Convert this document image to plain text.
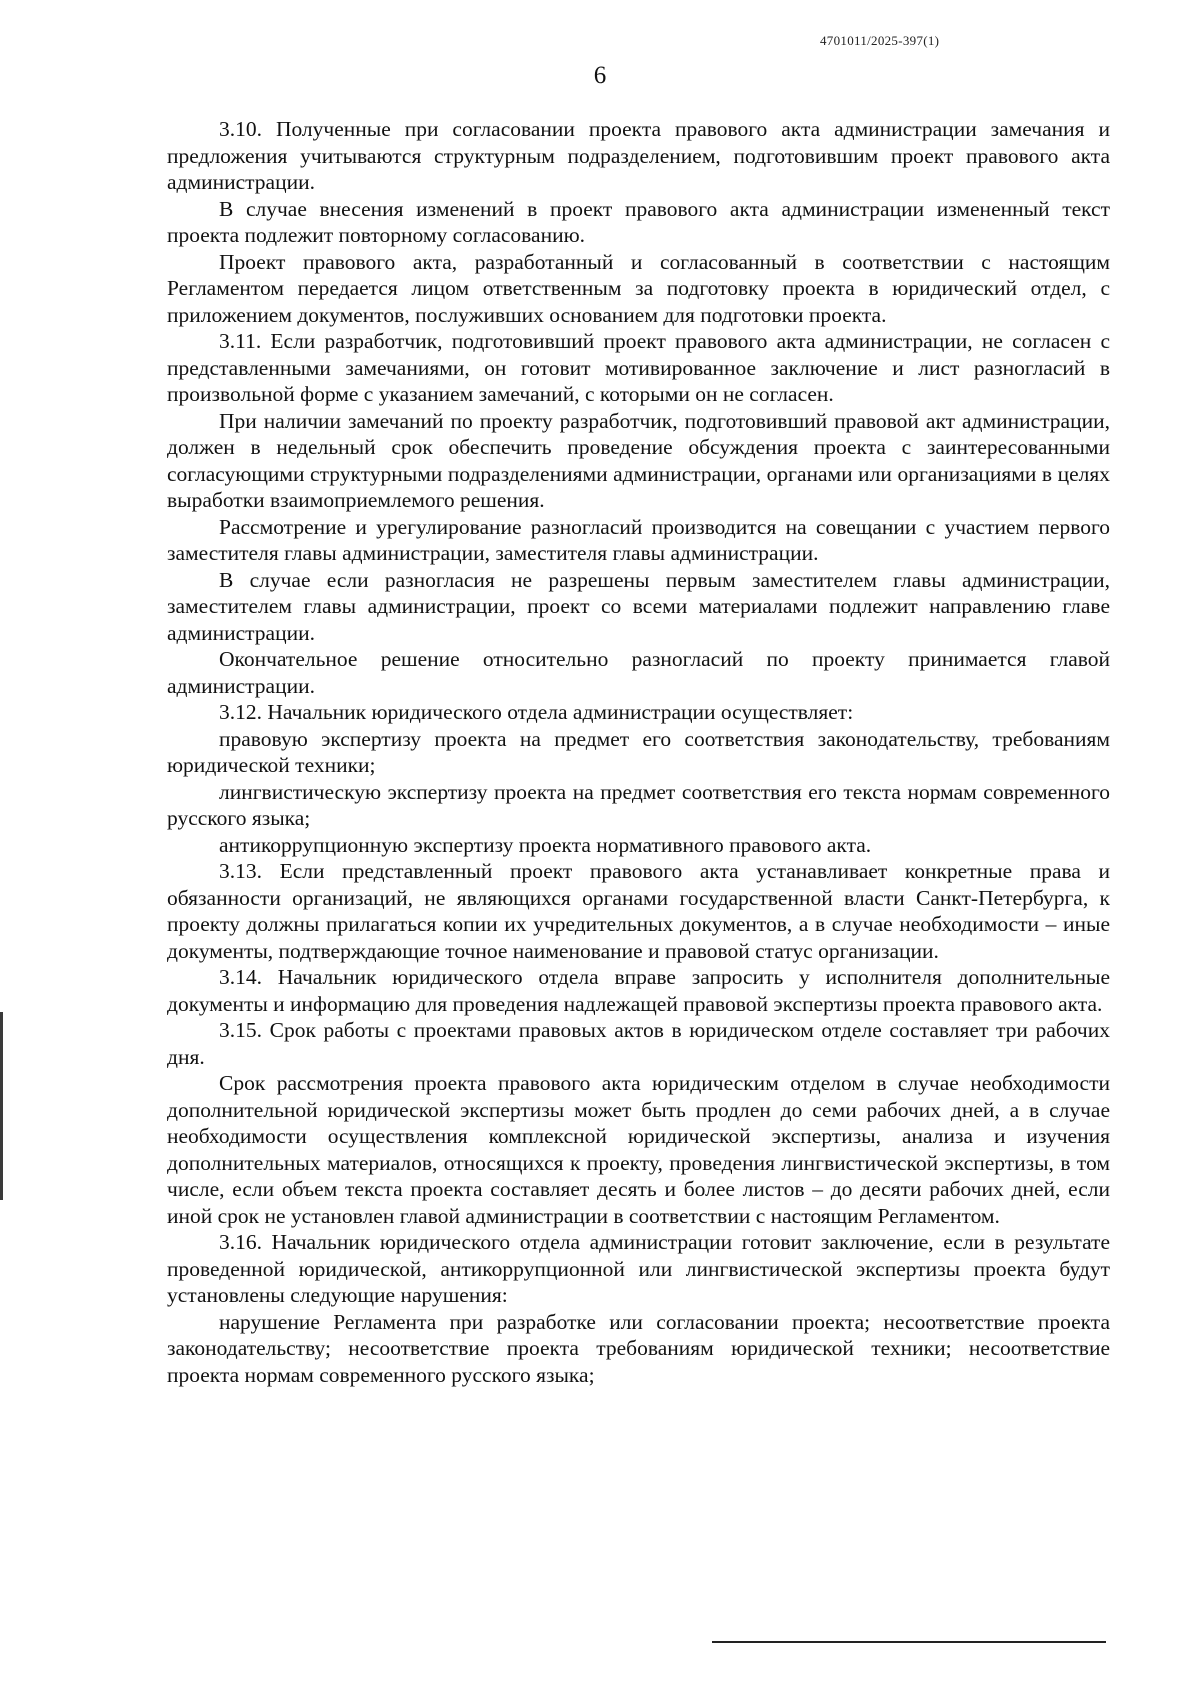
4701011/2025-397(1)
6

3.10. Полученные при согласовании проекта правового акта администрации замечания и предложения учитываются структурным подразделением, подготовившим проект правового акта администрации.

В случае внесения изменений в проект правового акта администрации измененный текст проекта подлежит повторному согласованию.

Проект правового акта, разработанный и согласованный в соответствии с настоящим Регламентом передается лицом ответственным за подготовку проекта в юридический отдел, с приложением документов, послуживших основанием для подготовки проекта.

3.11. Если разработчик, подготовивший проект правового акта администрации, не согласен с представленными замечаниями, он готовит мотивированное заключение и лист разногласий в произвольной форме с указанием замечаний, с которыми он не согласен.

При наличии замечаний по проекту разработчик, подготовивший правовой акт администрации, должен в недельный срок обеспечить проведение обсуждения проекта с заинтересованными согласующими структурными подразделениями администрации, органами или организациями в целях выработки взаимоприемлемого решения.

Рассмотрение и урегулирование разногласий производится на совещании с участием первого заместителя главы администрации, заместителя главы администрации.

В случае если разногласия не разрешены первым заместителем главы администрации, заместителем главы администрации, проект со всеми материалами подлежит направлению главе администрации.

Окончательное решение относительно разногласий по проекту принимается главой администрации.

3.12. Начальник юридического отдела администрации осуществляет:

правовую экспертизу проекта на предмет его соответствия законодательству, требованиям юридической техники;

лингвистическую экспертизу проекта на предмет соответствия его текста нормам современного русского языка;

антикоррупционную экспертизу проекта нормативного правового акта.

3.13. Если представленный проект правового акта устанавливает конкретные права и обязанности организаций, не являющихся органами государственной власти Санкт-Петербурга, к проекту должны прилагаться копии их учредительных документов, а в случае необходимости – иные документы, подтверждающие точное наименование и правовой статус организации.

3.14. Начальник юридического отдела вправе запросить у исполнителя дополнительные документы и информацию для проведения надлежащей правовой экспертизы проекта правового акта.

3.15. Срок работы с проектами правовых актов в юридическом отделе составляет три рабочих дня.

Срок рассмотрения проекта правового акта юридическим отделом в случае необходимости дополнительной юридической экспертизы может быть продлен до семи рабочих дней, а в случае необходимости осуществления комплексной юридической экспертизы, анализа и изучения дополнительных материалов, относящихся к проекту, проведения лингвистической экспертизы, в том числе, если объем текста проекта составляет десять и более листов – до десяти рабочих дней, если иной срок не установлен главой администрации в соответствии с настоящим Регламентом.

3.16. Начальник юридического отдела администрации готовит заключение, если в результате проведенной юридической, антикоррупционной или лингвистической экспертизы проекта будут установлены следующие нарушения:

нарушение Регламента при разработке или согласовании проекта; несоответствие проекта законодательству; несоответствие проекта требованиям юридической техники; несоответствие проекта нормам современного русского языка;
